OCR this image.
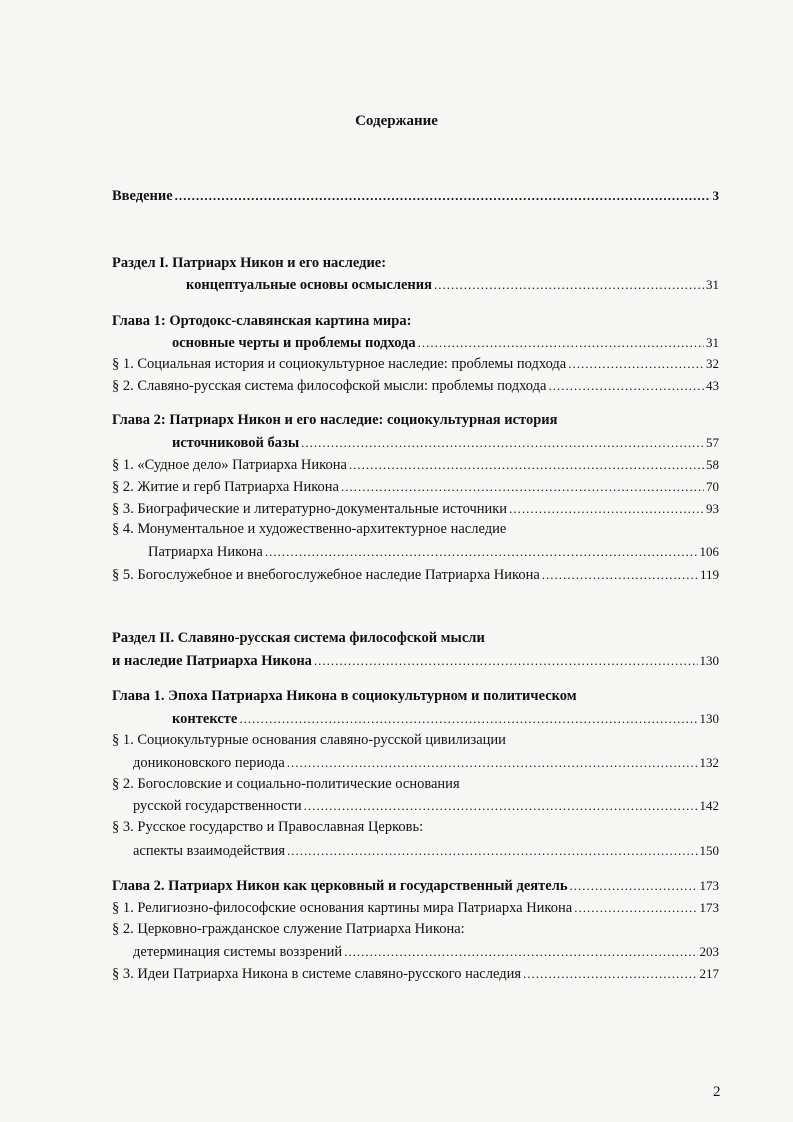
Содержание
Введение .....	3
Раздел I. Патриарх Никон и его наследие:
концептуальные основы осмысления .....	31
Глава 1: Ортодокс-славянская картина мира:
основные черты и проблемы подхода .....	31
§ 1. Социальная история и социокультурное наследие: проблемы подхода .....	32
§ 2. Славяно-русская система философской мысли: проблемы подхода .....	43
Глава 2: Патриарх Никон и его наследие: социокультурная история
источниковой базы .....	57
§ 1. «Судное дело» Патриарха Никона .....	58
§ 2. Житие и герб Патриарха Никона .....	70
§ 3. Биографические и литературно-документальные источники .....	93
§ 4. Монументальное и художественно-архитектурное наследие
Патриарха Никона .....	106
§ 5. Богослужебное и внебогослужебное наследие Патриарха Никона .....	119
Раздел II. Славяно-русская система философской мысли
и наследие Патриарха Никона .....	130
Глава 1. Эпоха Патриарха Никона в социокультурном и политическом
контексте .....	130
§ 1. Социокультурные основания славяно-русской цивилизации
дониконовского периода .....	132
§ 2. Богословские и социально-политические основания
русской государственности .....	142
§ 3. Русское государство и Православная Церковь:
аспекты взаимодействия .....	150
Глава 2. Патриарх Никон как церковный и государственный деятель .....	173
§ 1. Религиозно-философские основания картины мира Патриарха Никона .....	173
§ 2. Церковно-гражданское служение Патриарха Никона:
детерминация системы воззрений .....	203
§ 3. Идеи Патриарха Никона в системе славяно-русского наследия .....	217
2
